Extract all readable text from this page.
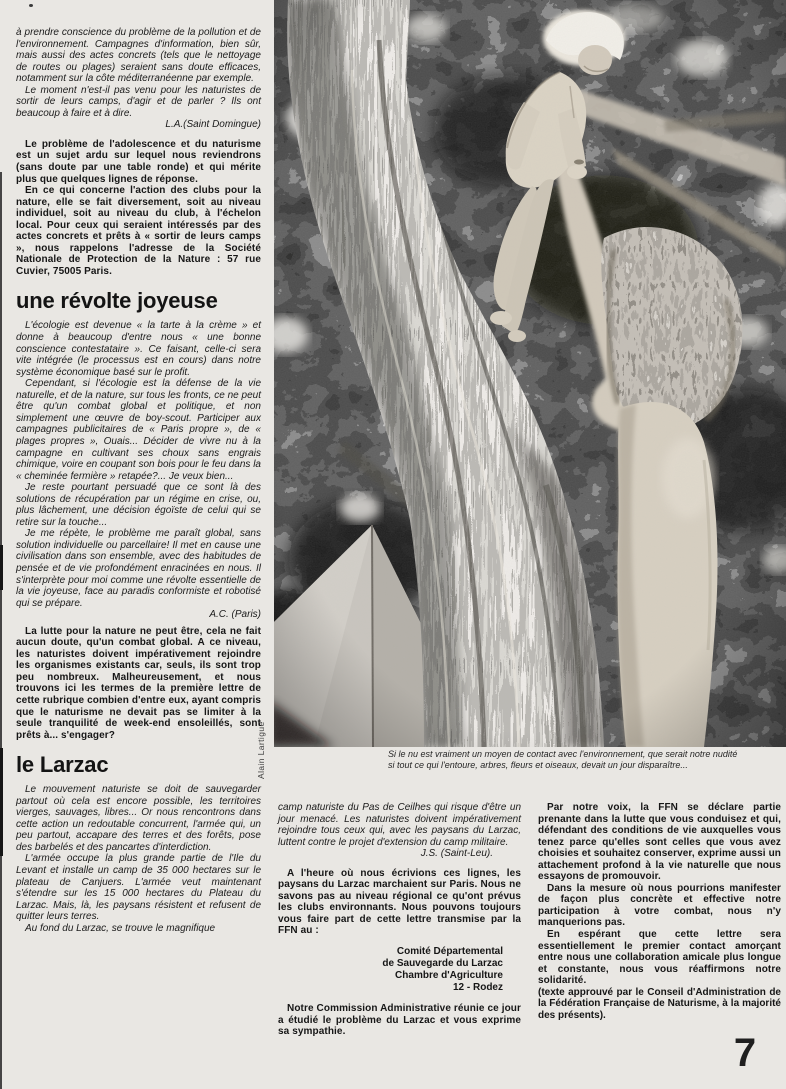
Alain Lartigue	Si le nu est vraiment un moyen de contact avec l'environnement, que serait notre nudité
si tout ce qui l'entoure, arbres, fleurs et oiseaux, devait un jour disparaître...

à prendre conscience du problème de la pollution et de l'environnement. Campagnes d'information, bien sûr, mais aussi des actes concrets (tels que le nettoyage de routes ou plages) seraient sans doute efficaces, notamment sur la côte méditerranéenne par exemple.

Le moment n'est-il pas venu pour les naturistes de sortir de leurs camps, d'agir et de parler ? Ils ont beaucoup à faire et à dire.

L.A.(Saint Domingue)

Le problème de l'adolescence et du naturisme est un sujet ardu sur lequel nous reviendrons (sans doute par une table ronde) et qui mérite plus que quelques lignes de réponse.

En ce qui concerne l'action des clubs pour la nature, elle se fait diversement, soit au niveau individuel, soit au niveau du club, à l'échelon local. Pour ceux qui seraient intéressés par des actes concrets et prêts à « sortir de leurs camps », nous rappelons l'adresse de la Société Nationale de Protection de la Nature : 57 rue Cuvier, 75005 Paris.

une révolte joyeuse

L'écologie est devenue « la tarte à la crème » et donne à beaucoup d'entre nous « une bonne conscience contestataire ». Ce faisant, celle-ci sera vite intégrée (le processus est en cours) dans notre système économique basé sur le profit.

Cependant, si l'écologie est la défense de la vie naturelle, et de la nature, sur tous les fronts, ce ne peut être qu'un combat global et politique, et non simplement une œuvre de boy-scout. Participer aux campagnes publicitaires de « Paris propre », de « plages propres », Ouais... Décider de vivre nu à la campagne en cultivant ses choux sans engrais chimique, voire en coupant son bois pour le feu dans la « cheminée fermière » retapée?... Je veux bien...

Je reste pourtant persuadé que ce sont là des solutions de récupération par un régime en crise, ou, plus lâchement, une décision égoïste de celui qui se retire sur la touche...

Je me répète, le problème me paraît global, sans solution individuelle ou parcellaire! Il met en cause une civilisation dans son ensemble, avec des habitudes de pensée et de vie profondément enracinées en nous. Il s'interprète pour moi comme une révolte essentielle de la vie joyeuse, face au paradis conformiste et robotisé qui se prépare.

A.C. (Paris)

La lutte pour la nature ne peut être, cela ne fait aucun doute, qu'un combat global. A ce niveau, les naturistes doivent impérativement rejoindre les organismes existants car, seuls, ils sont trop peu nombreux. Malheureusement, et nous trouvons ici les termes de la première lettre de cette rubrique combien d'entre eux, ayant compris que le naturisme ne devait pas se limiter à la seule tranquilité de week-end ensoleillés, sont prêts à... s'engager?

le Larzac

Le mouvement naturiste se doit de sauvegarder partout où cela est encore possible, les territoires vierges, sauvages, libres... Or nous rencontrons dans cette action un redoutable concurrent, l'armée qui, un peu partout, accapare des terres et des forêts, pose des barbelés et des pancartes d'interdiction.

L'armée occupe la plus grande partie de l'Ile du Levant et installe un camp de 35 000 hectares sur le plateau de Canjuers. L'armée veut maintenant s'étendre sur les 15 000 hectares du Plateau du Larzac. Mais, là, les paysans résistent et refusent de quitter leurs terres.

Au fond du Larzac, se trouve le magnifique

camp naturiste du Pas de Ceilhes qui risque d'être un jour menacé. Les naturistes doivent impérativement rejoindre tous ceux qui, avec les paysans du Larzac, luttent contre le projet d'extension du camp militaire.

J.S. (Saint-Leu).

A l'heure où nous écrivions ces lignes, les paysans du Larzac marchaient sur Paris. Nous ne savons pas au niveau régional ce qu'ont prévus les clubs environnants. Nous pouvons toujours vous faire part de cette lettre transmise par la FFN au :

Comité Départemental
de Sauvegarde du Larzac
Chambre d'Agriculture
12 - Rodez

Notre Commission Administrative réunie ce jour a étudié le problème du Larzac et vous exprime sa sympathie.

Par notre voix, la FFN se déclare partie prenante dans la lutte que vous conduisez et qui, défendant des conditions de vie auxquelles vous tenez parce qu'elles sont celles que vous avez choisies et souhaitez conserver, exprime aussi un attachement profond à la vie naturelle que nous essayons de promouvoir.

Dans la mesure où nous pourrions manifester de façon plus concrète et effective notre participation à votre combat, nous n'y manquerions pas.

En espérant que cette lettre sera essentiellement le premier contact amorçant entre nous une collaboration amicale plus longue et constante, nous vous réaffirmons notre solidarité.

(texte approuvé par le Conseil d'Administration de la Fédération Française de Naturisme, à la majorité des présents).

7
